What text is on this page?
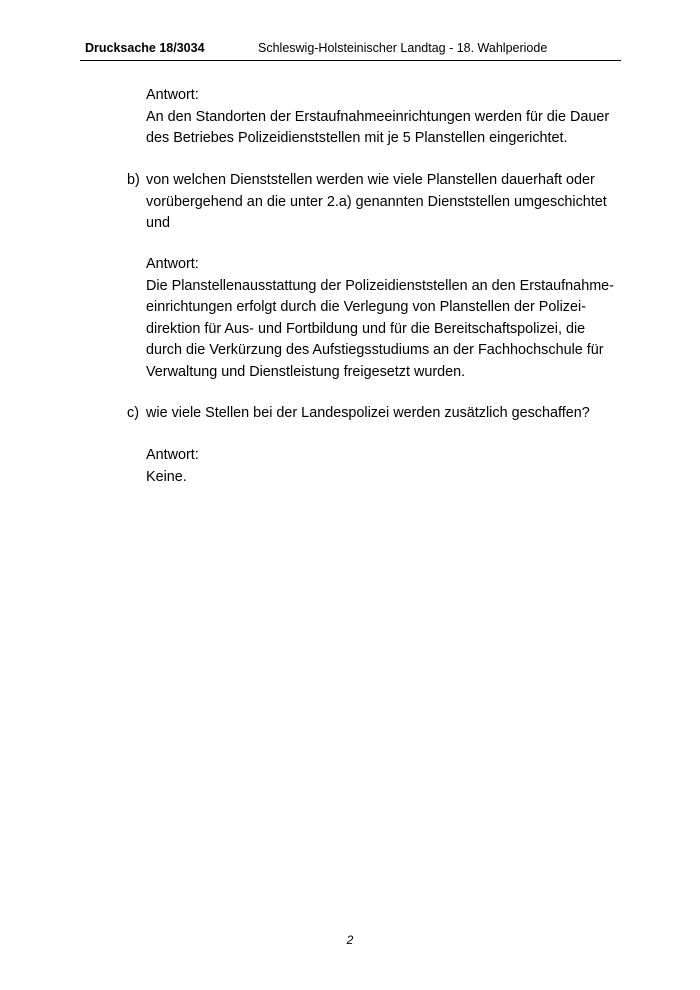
Drucksache 18/3034	Schleswig-Holsteinischer Landtag - 18. Wahlperiode
Antwort:
An den Standorten der Erstaufnahmeeinrichtungen werden für die Dauer
des Betriebes Polizeidienststellen mit je 5 Planstellen eingerichtet.
b) von welchen Dienststellen werden wie viele Planstellen dauerhaft oder
vorübergehend an die unter 2.a) genannten Dienststellen umgeschichtet
und
Antwort:
Die Planstellenausstattung der Polizeidienststellen an den Erstaufnahme-
einrichtungen erfolgt durch die Verlegung von Planstellen der Polizei-
direktion für Aus- und Fortbildung und für die Bereitschaftspolizei, die
durch die Verkürzung des Aufstiegsstudiums an der Fachhochschule für
Verwaltung und Dienstleistung freigesetzt wurden.
c) wie viele Stellen bei der Landespolizei werden zusätzlich geschaffen?
Antwort:
Keine.
2
